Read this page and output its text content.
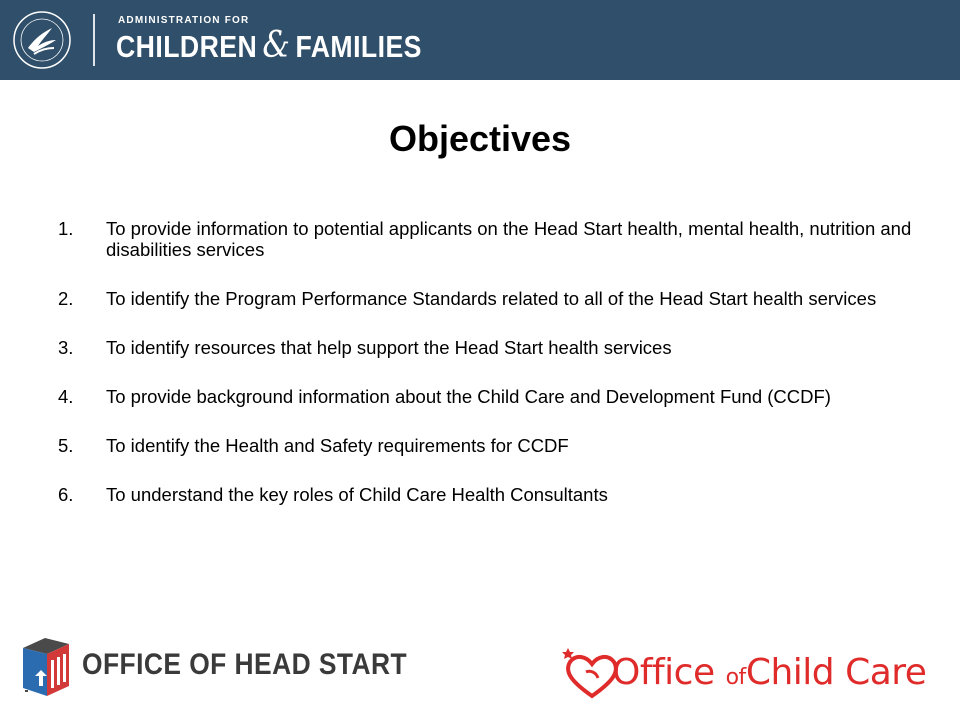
ADMINISTRATION FOR
CHILDREN & FAMILIES
Objectives
1. To provide information to potential applicants on the Head Start health, mental health, nutrition and disabilities services
2. To identify the Program Performance Standards related to all of the Head Start health services
3. To identify resources that help support the Head Start health services
4. To provide background information about the Child Care and Development Fund (CCDF)
5. To identify the Health and Safety requirements for CCDF
6. To understand the key roles of Child Care Health Consultants
OFFICE OF HEAD START	Office ofChild Care
